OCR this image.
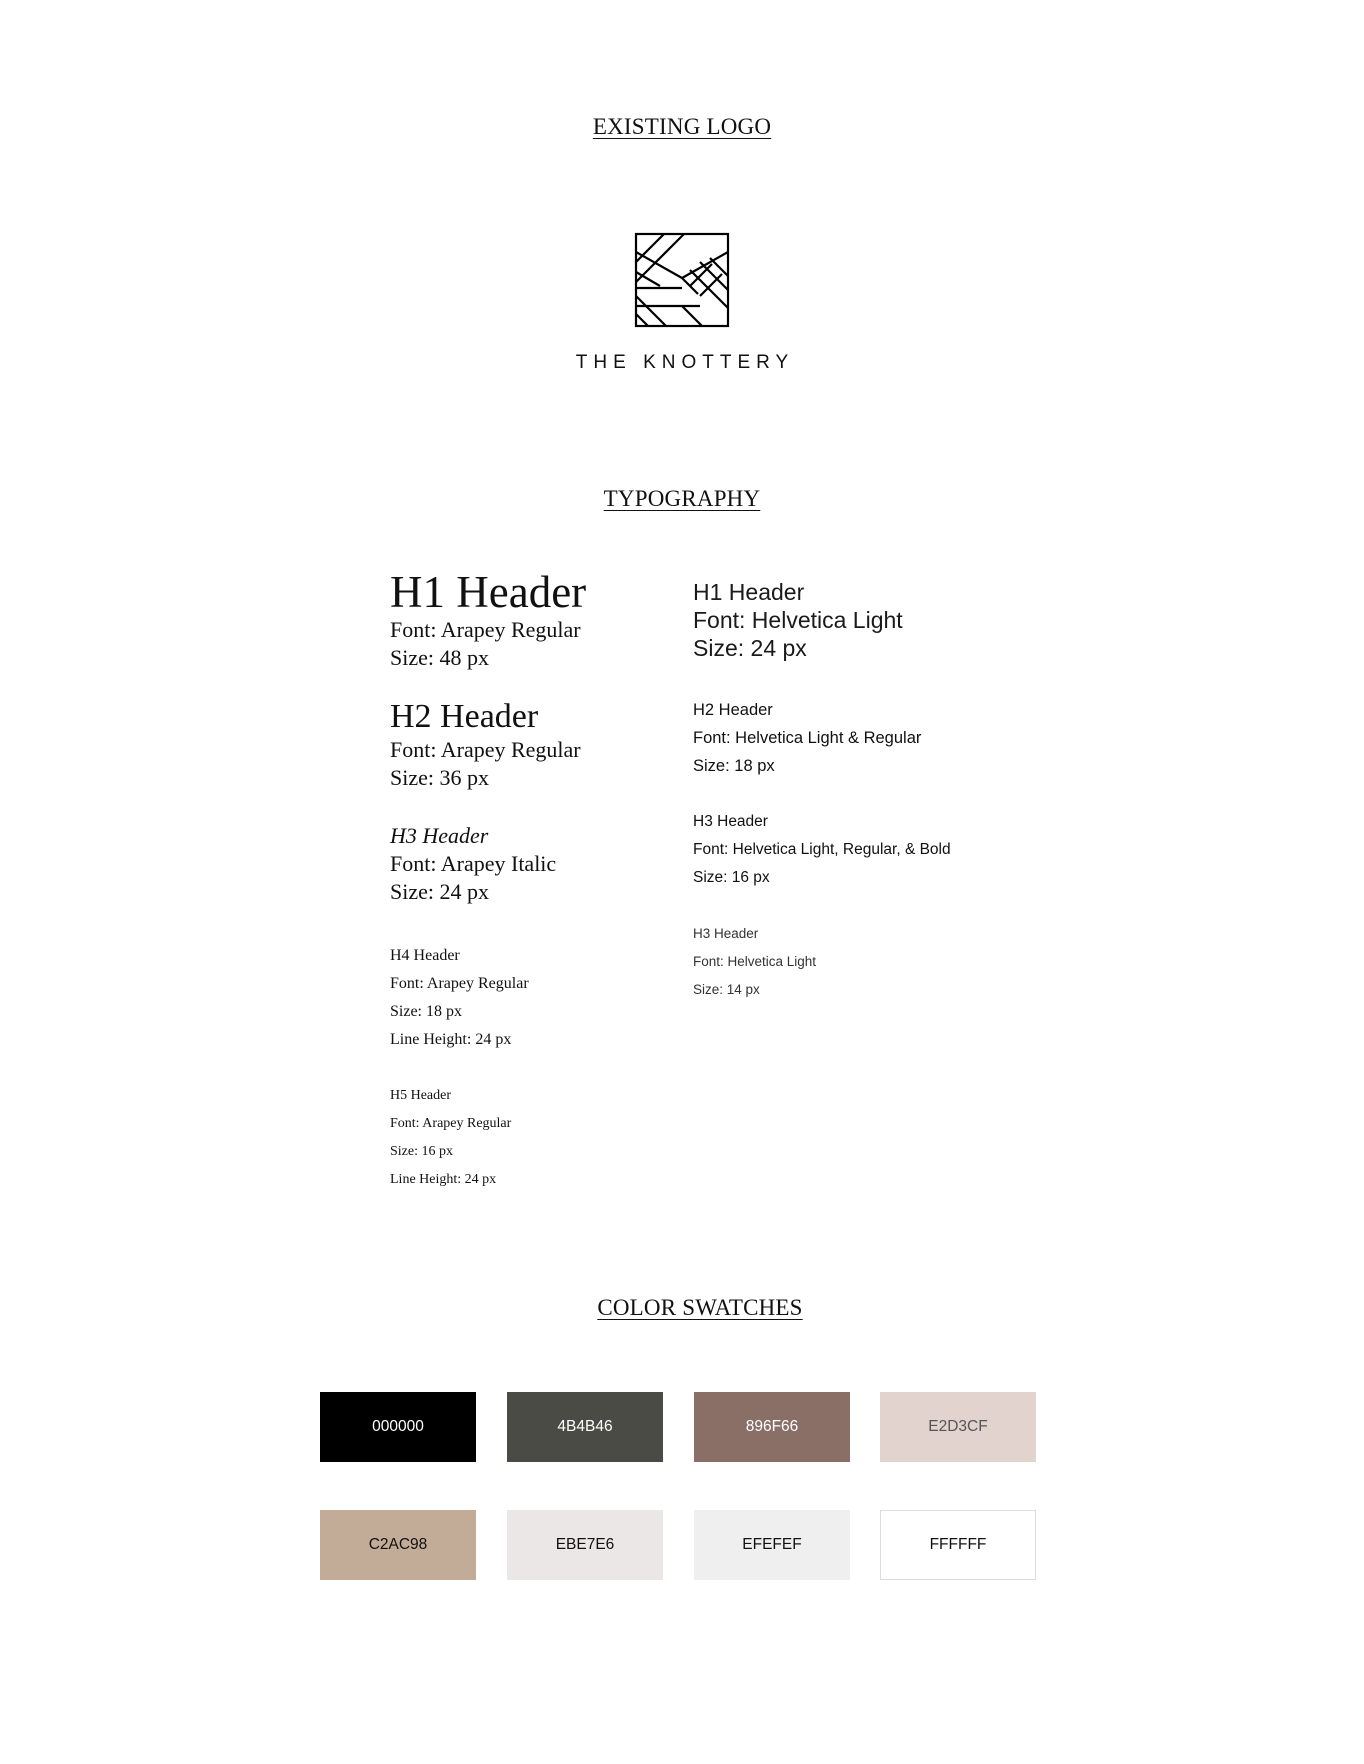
EXISTING LOGO
THE KNOTTERY
TYPOGRAPHY
H1 Header
Font: Arapey Regular
Size: 48 px
H2 Header
Font: Arapey Regular
Size: 36 px
H3 Header
Font: Arapey Italic
Size: 24 px
H4 Header
Font: Arapey Regular
Size: 18 px
Line Height: 24 px
H5 Header
Font: Arapey Regular
Size: 16 px
Line Height: 24 px
H1 Header
Font: Helvetica Light
Size: 24 px
H2 Header
Font: Helvetica Light & Regular
Size: 18 px
H3 Header
Font: Helvetica Light, Regular, & Bold
Size: 16 px
H3 Header
Font: Helvetica Light
Size: 14 px
COLOR SWATCHES
000000	4B4B46	896F66	E2D3CF
C2AC98	EBE7E6	EFEFEF	FFFFFF
